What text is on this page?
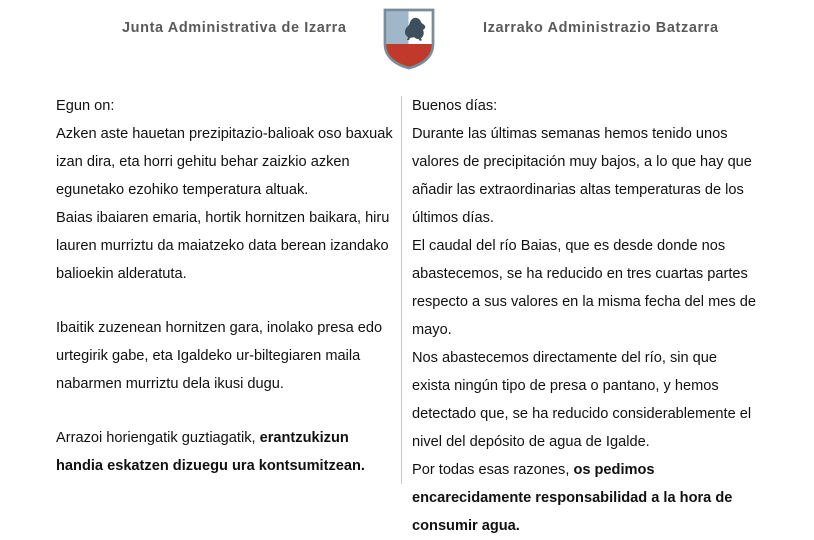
Junta Administrativa de Izarra	Izarrako Administrazio Batzarra

Egun on:

Azken aste hauetan prezipitazio-balioak oso baxuak izan dira, eta horri gehitu behar zaizkio azken egunetako ezohiko temperatura altuak.

Baias ibaiaren emaria, hortik hornitzen baikara, hiru lauren murriztu da maiatzeko data berean izandako balioekin alderatuta.

Ibaitik zuzenean hornitzen gara, inolako presa edo urtegirik gabe, eta Igaldeko ur-biltegiaren maila nabarmen murriztu dela ikusi dugu.

Arrazoi horiengatik guztiagatik, erantzukizun handia eskatzen dizuegu ura kontsumitzean.

Buenos días:

Durante las últimas semanas hemos tenido unos valores de precipitación muy bajos, a lo que hay que añadir las extraordinarias altas temperaturas de los últimos días.

El caudal del río Baias, que es desde donde nos abastecemos, se ha reducido en tres cuartas partes respecto a sus valores en la misma fecha del mes de mayo.

Nos abastecemos directamente del río, sin que exista ningún tipo de presa o pantano, y hemos detectado que, se ha reducido considerablemente el nivel del depósito de agua de Igalde.

Por todas esas razones, os pedimos encarecidamente responsabilidad a la hora de consumir agua.
